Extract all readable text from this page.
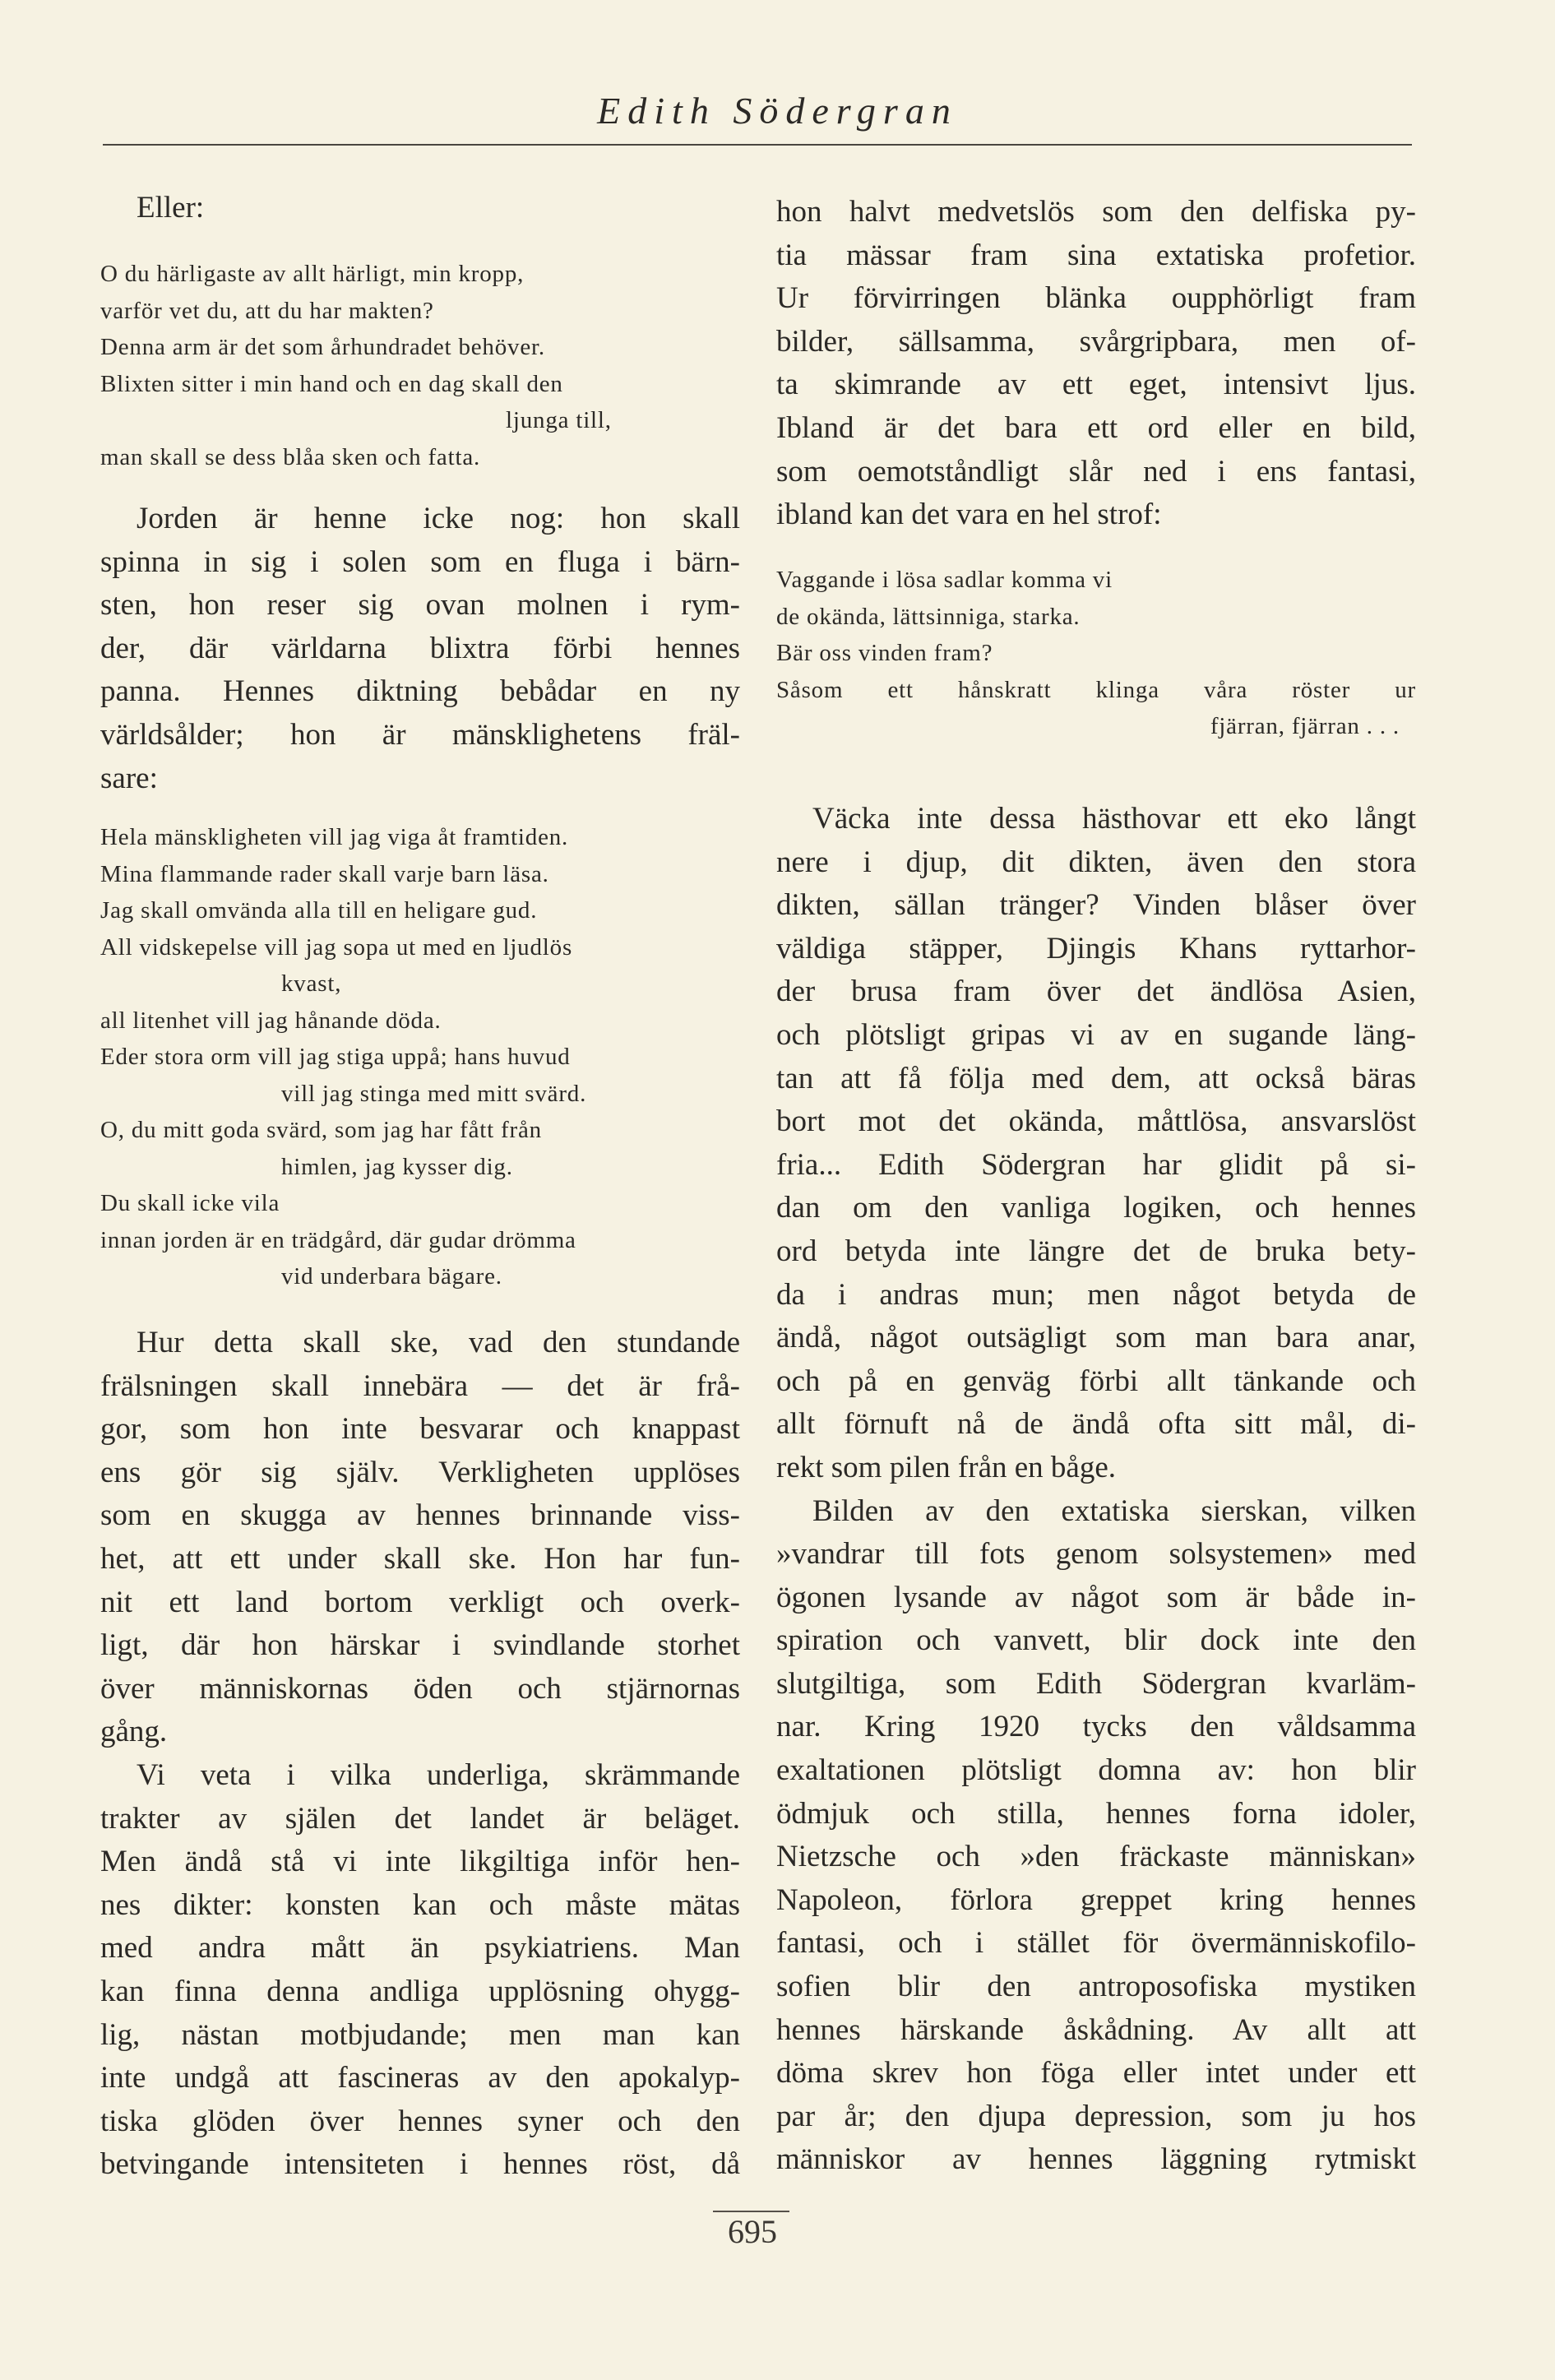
Edith Södergran
Eller:
O du härligaste av allt härligt, min kropp,
varför vet du, att du har makten?
Denna arm är det som århundradet behöver.
Blixten sitter i min hand och en dag skall den
ljunga till,
man skall se dess blåa sken och fatta.
Jorden är henne icke nog: hon skall
spinna in sig i solen som en fluga i bärn-
sten, hon reser sig ovan molnen i rym-
der, där världarna blixtra förbi hennes
panna. Hennes diktning bebådar en ny
världsålder; hon är mänsklighetens fräl-
sare:
Hela mänskligheten vill jag viga åt framtiden.
Mina flammande rader skall varje barn läsa.
Jag skall omvända alla till en heligare gud.
All vidskepelse vill jag sopa ut med en ljudlös
kvast,
all litenhet vill jag hånande döda.
Eder stora orm vill jag stiga uppå; hans huvud
vill jag stinga med mitt svärd.
O, du mitt goda svärd, som jag har fått från
himlen, jag kysser dig.
Du skall icke vila
innan jorden är en trädgård, där gudar drömma
vid underbara bägare.
Hur detta skall ske, vad den stundande
frälsningen skall innebära — det är frå-
gor, som hon inte besvarar och knappast
ens gör sig själv. Verkligheten upplöses
som en skugga av hennes brinnande viss-
het, att ett under skall ske. Hon har fun-
nit ett land bortom verkligt och overk-
ligt, där hon härskar i svindlande storhet
över människornas öden och stjärnornas
gång.
Vi veta i vilka underliga, skrämmande
trakter av själen det landet är beläget.
Men ändå stå vi inte likgiltiga inför hen-
nes dikter: konsten kan och måste mätas
med andra mått än psykiatriens. Man
kan finna denna andliga upplösning ohygg-
lig, nästan motbjudande; men man kan
inte undgå att fascineras av den apokalyp-
tiska glöden över hennes syner och den
betvingande intensiteten i hennes röst, då
hon halvt medvetslös som den delfiska py-
tia mässar fram sina extatiska profetior.
Ur förvirringen blänka oupphörligt fram
bilder, sällsamma, svårgripbara, men of-
ta skimrande av ett eget, intensivt ljus.
Ibland är det bara ett ord eller en bild,
som oemotståndligt slår ned i ens fantasi,
ibland kan det vara en hel strof:
Vaggande i lösa sadlar komma vi
de okända, lättsinniga, starka.
Bär oss vinden fram?
Såsom ett hånskratt klinga våra röster ur
fjärran, fjärran . . .
Väcka inte dessa hästhovar ett eko långt
nere i djup, dit dikten, även den stora
dikten, sällan tränger? Vinden blåser över
väldiga stäpper, Djingis Khans ryttarhor-
der brusa fram över det ändlösa Asien,
och plötsligt gripas vi av en sugande läng-
tan att få följa med dem, att också bäras
bort mot det okända, måttlösa, ansvarslöst
fria... Edith Södergran har glidit på si-
dan om den vanliga logiken, och hennes
ord betyda inte längre det de bruka bety-
da i andras mun; men något betyda de
ändå, något outsägligt som man bara anar,
och på en genväg förbi allt tänkande och
allt förnuft nå de ändå ofta sitt mål, di-
rekt som pilen från en båge.
Bilden av den extatiska sierskan, vilken
»vandrar till fots genom solsystemen» med
ögonen lysande av något som är både in-
spiration och vanvett, blir dock inte den
slutgiltiga, som Edith Södergran kvarläm-
nar. Kring 1920 tycks den våldsamma
exaltationen plötsligt domna av: hon blir
ödmjuk och stilla, hennes forna idoler,
Nietzsche och »den fräckaste människan»
Napoleon, förlora greppet kring hennes
fantasi, och i stället för övermänniskofilo-
sofien blir den antroposofiska mystiken
hennes härskande åskådning. Av allt att
döma skrev hon föga eller intet under ett
par år; den djupa depression, som ju hos
människor av hennes läggning rytmiskt
695
